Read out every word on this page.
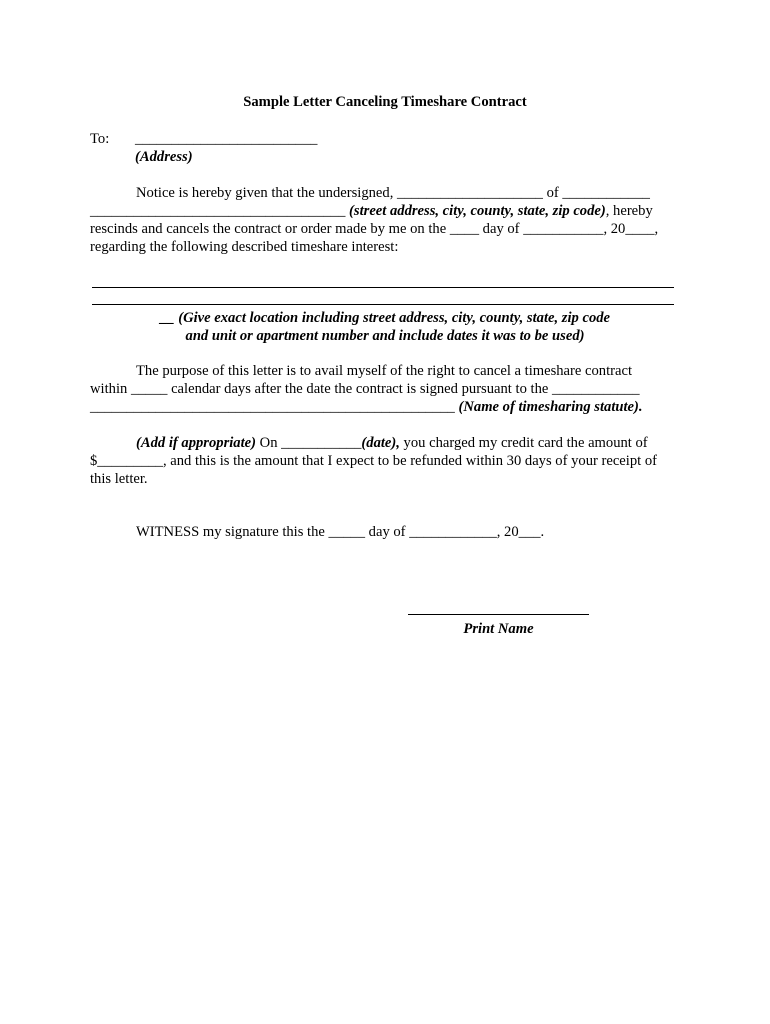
Sample Letter Canceling Timeshare Contract
To: _________________________
(Address)
Notice is hereby given that the undersigned, ____________________ of ____________
___________________________________ (street address, city, county, state, zip code), hereby
rescinds and cancels the contract or order made by me on the ____ day of ___________, 20____,
regarding the following described timeshare interest:
__ (Give exact location including street address, city, county, state, zip code
and unit or apartment number and include dates it was to be used)
The purpose of this letter is to avail myself of the right to cancel a timeshare contract
within _____ calendar days after the date the contract is signed pursuant to the ____________
__________________________________________________ (Name of timesharing statute).
(Add if appropriate) On ___________(date), you charged my credit card the amount of
$_________, and this is the amount that I expect to be refunded within 30 days of your receipt of
this letter.
WITNESS my signature this the _____ day of ____________, 20___.
Print Name
